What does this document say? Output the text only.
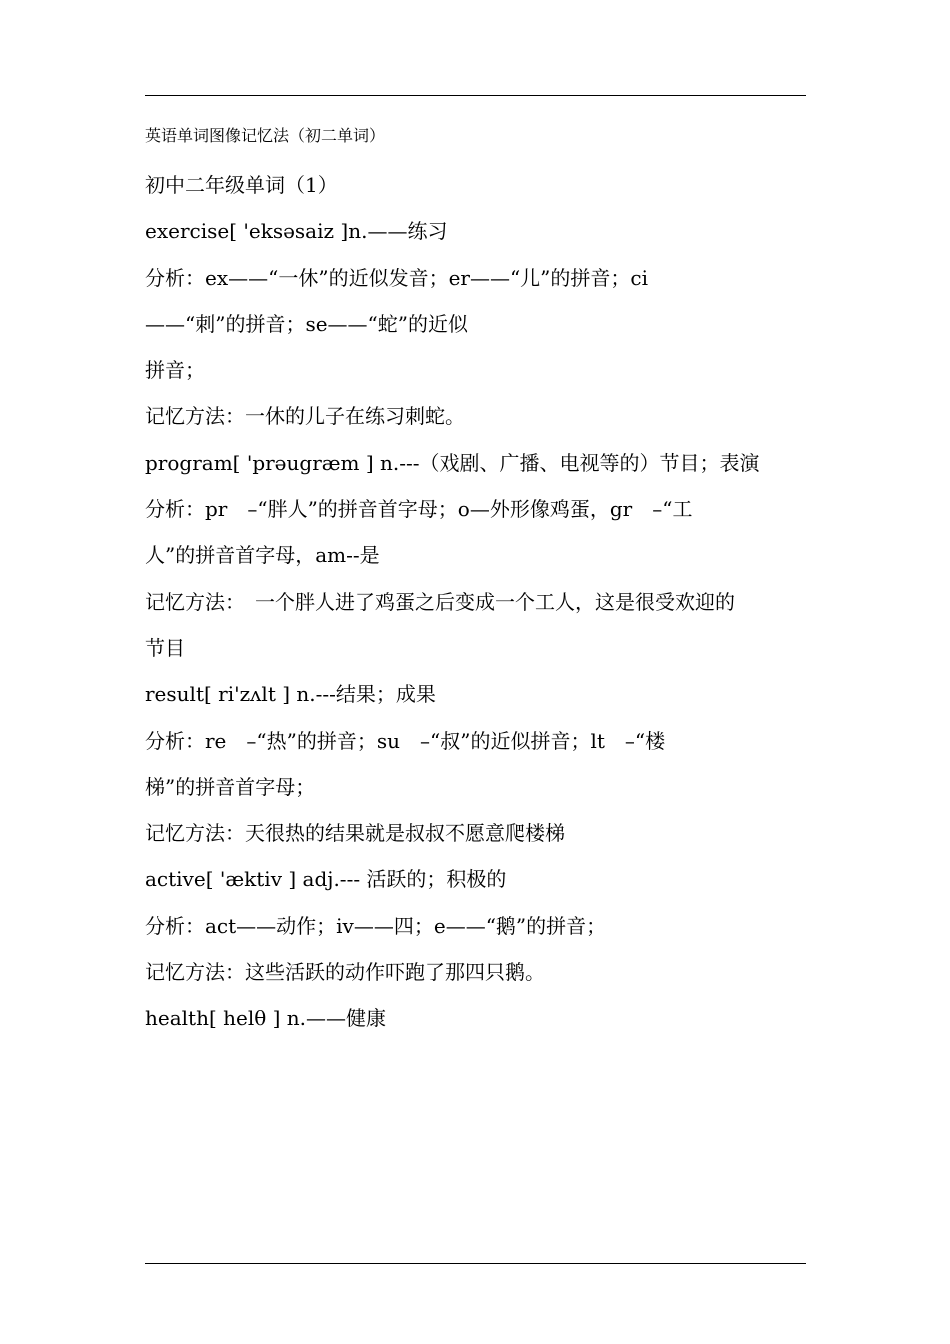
英语单词图像记忆法（初二单词）
初中二年级单词（1）
exercise[ 'eksəsaiz ]n.——练习
分析：ex——“一休”的近似发音；er——“儿”的拼音；ci
——“刺”的拼音；se——“蛇”的近似
拼音；
记忆方法：一休的儿子在练习刺蛇。
program[ 'prəugræm ] n.---（戏剧、广播、电视等的）节目；表演
分析：pr　–“胖人”的拼音首字母；o—外形像鸡蛋，gr　–“工
人”的拼音首字母，am--是
记忆方法：　一个胖人进了鸡蛋之后变成一个工人，这是很受欢迎的
节目
result[ ri'zʌlt ] n.---结果；成果
分析：re　–“热”的拼音；su　–“叔”的近似拼音；lt　–“楼
梯”的拼音首字母；
记忆方法：天很热的结果就是叔叔不愿意爬楼梯
active[ 'æktiv ] adj.--- 活跃的；积极的
分析：act——动作；iv——四；e——“鹅”的拼音；
记忆方法：这些活跃的动作吓跑了那四只鹅。
health[ helθ ] n.——健康
